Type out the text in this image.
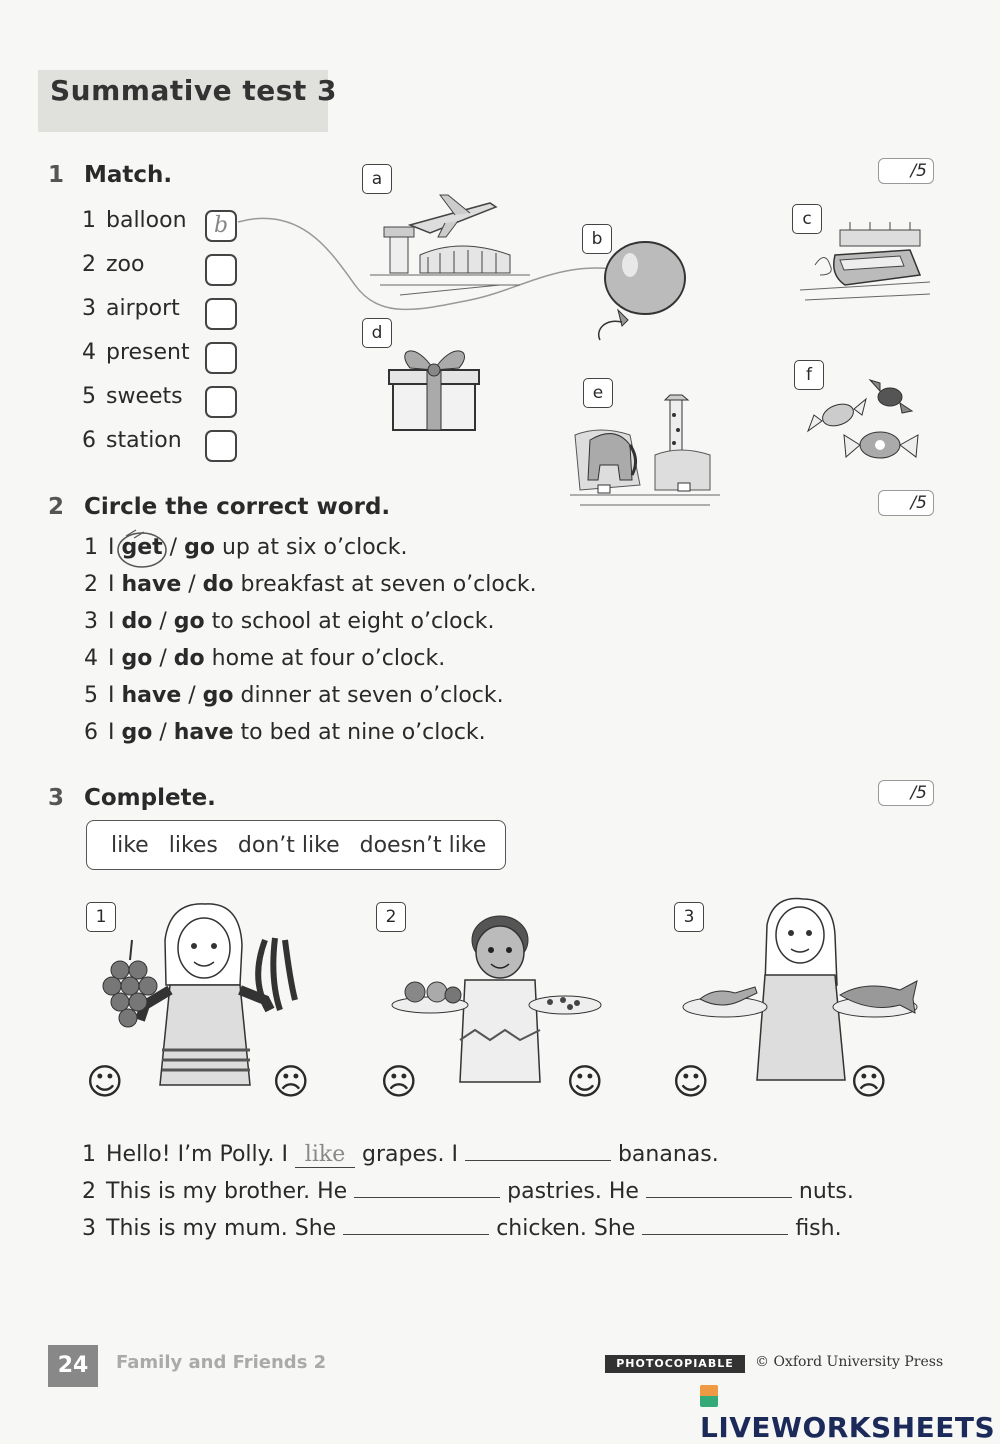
Summative test 3
1 Match.	/5
1 balloon	b
2 zoo
3 airport
4 present
5 sweets
6 station
a
b
c
d
e
f
2 Circle the correct word.	/5
1 I get / go up at six o’clock.
2 I have / do breakfast at seven o’clock.
3 I do / go to school at eight o’clock.
4 I go / do home at four o’clock.
5 I have / go dinner at seven o’clock.
6 I go / have to bed at nine o’clock.
3 Complete.	/5
like likes don’t like doesn’t like
1	2	3
☺	☹ ☹	☺ ☺	☹
1 Hello! I’m Polly. I like grapes. I	bananas.
2 This is my brother. He	pastries. He	nuts.
3 This is my mum. She	chicken. She	fish.
24	Family and Friends 2	PHOTOCOPIABLE	© Oxford University Press
LIVEWORKSHEETS
